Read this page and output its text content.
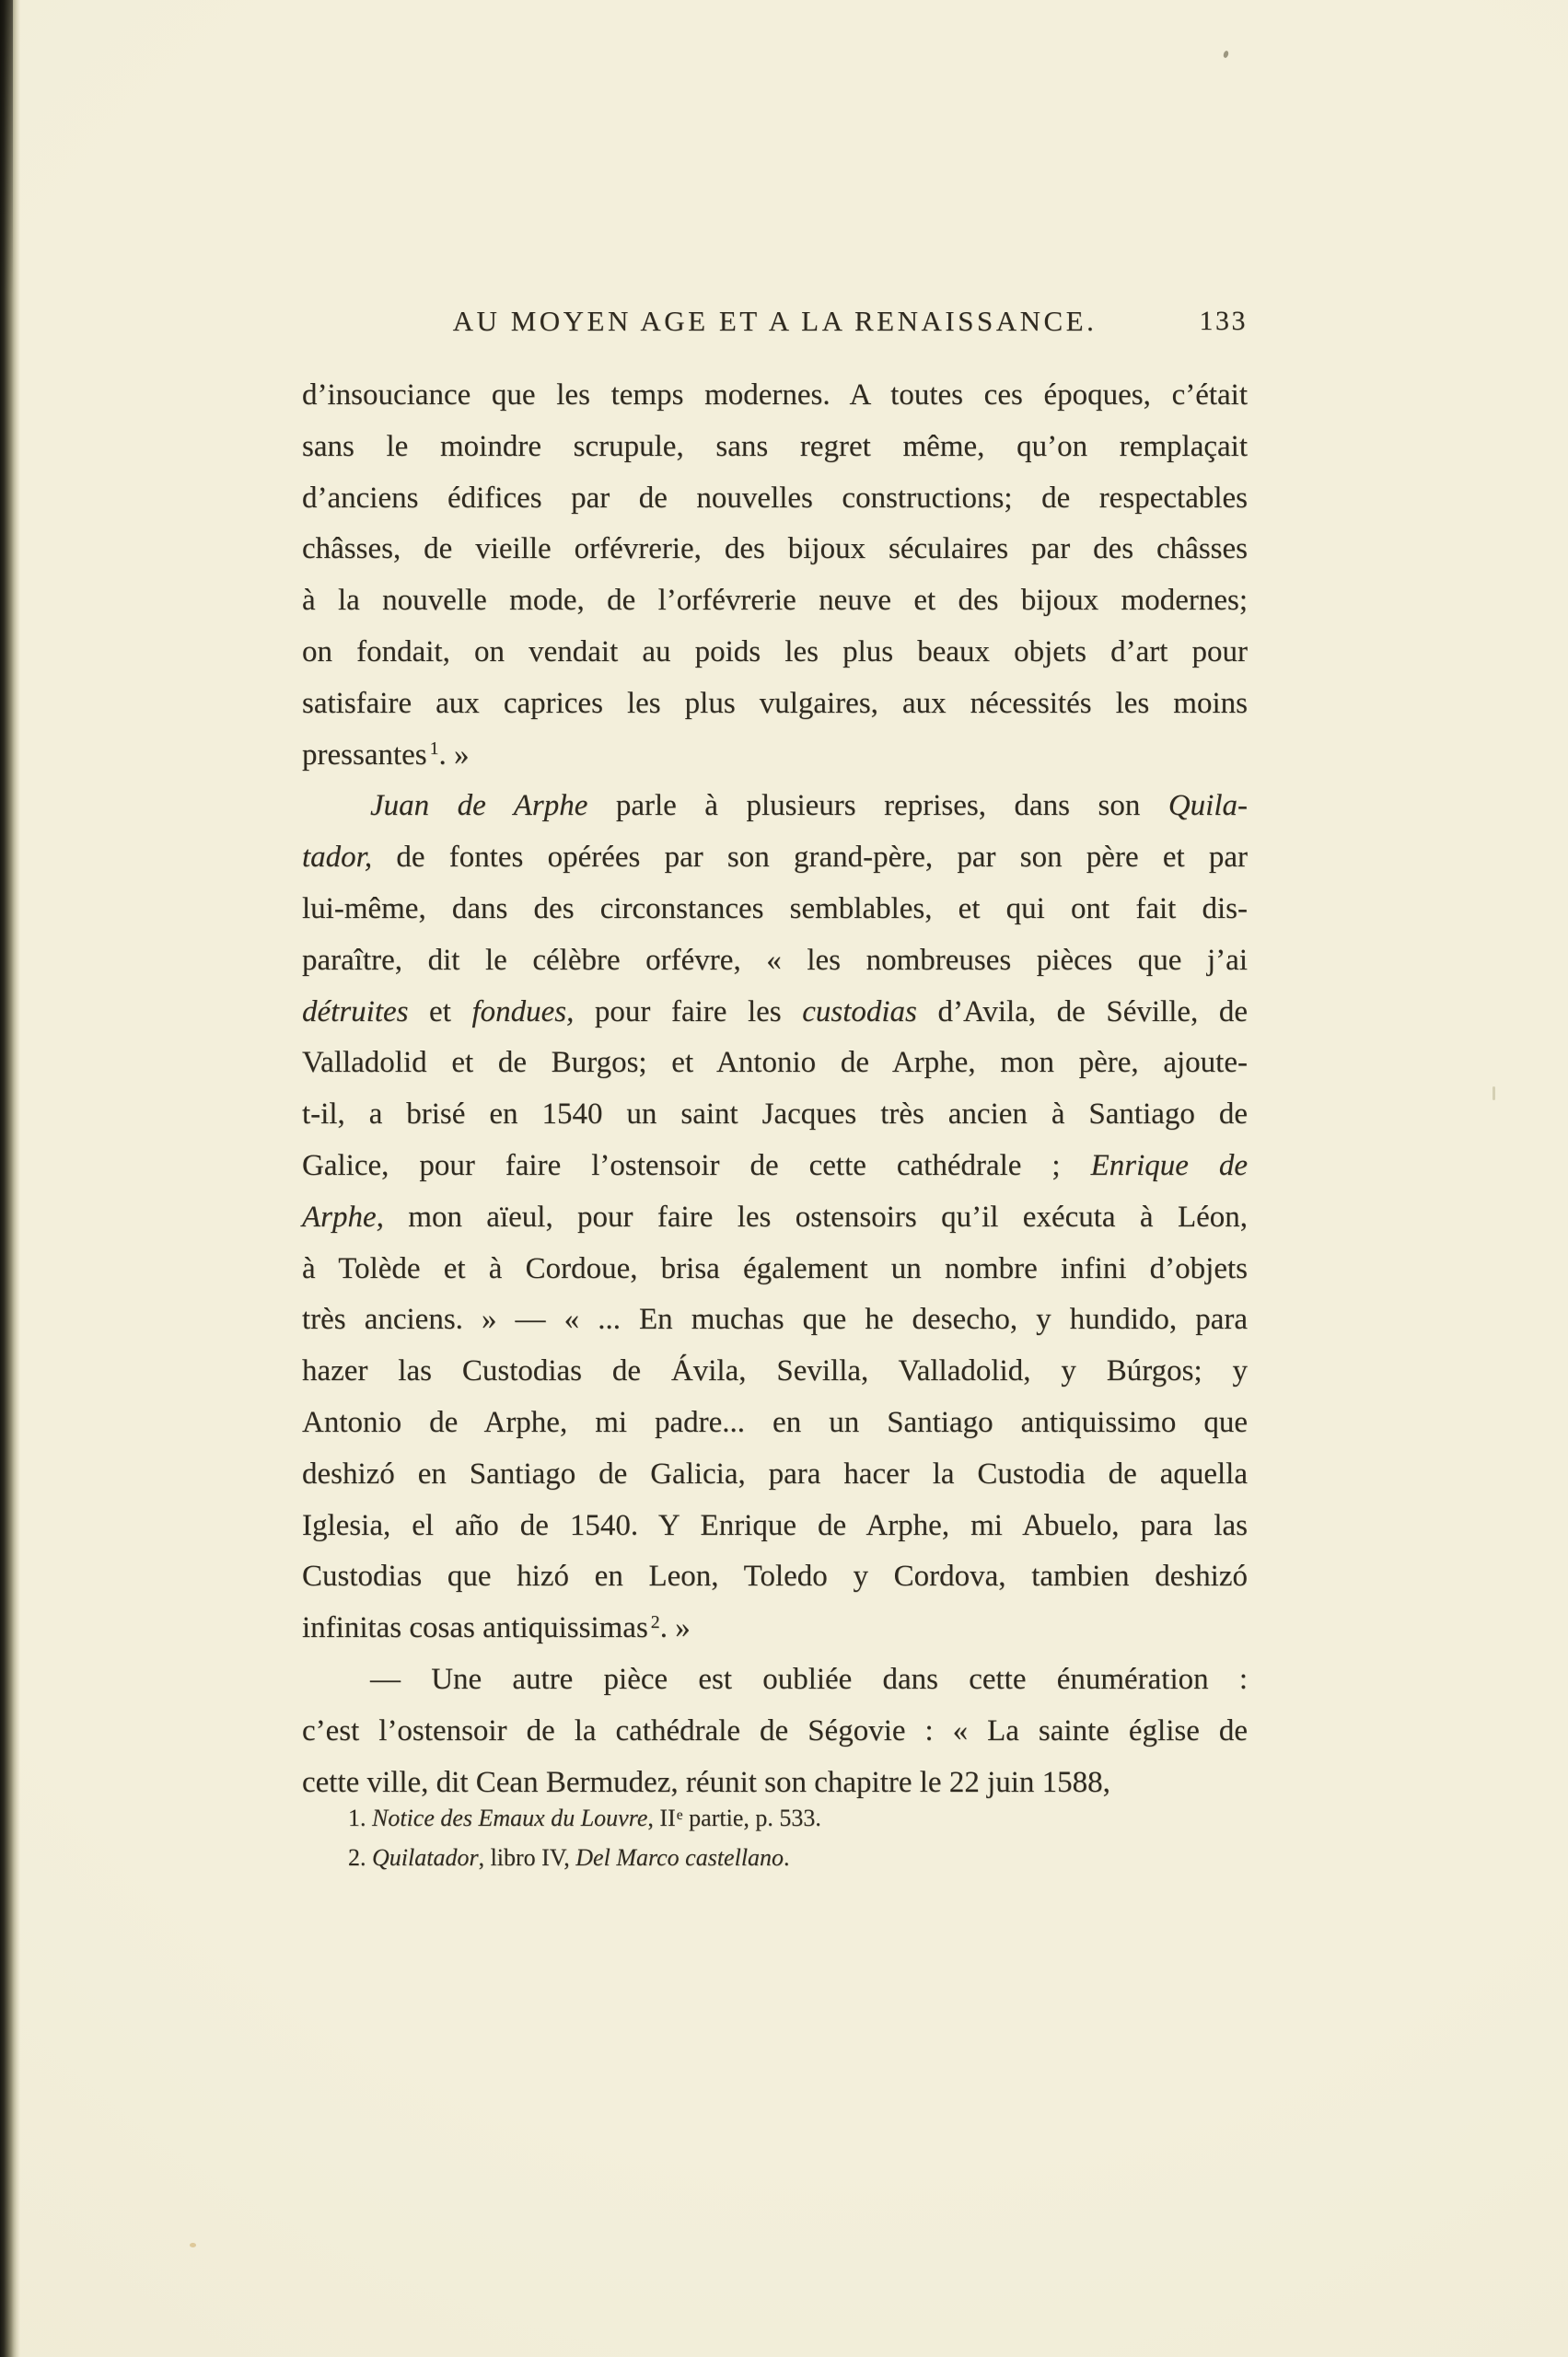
AU MOYEN AGE ET A LA RENAISSANCE.	133
d’insouciance que les temps modernes. A toutes ces époques, c’était
sans le moindre scrupule, sans regret même, qu’on remplaçait
d’anciens édifices par de nouvelles constructions; de respectables
châsses, de vieille orfévrerie, des bijoux séculaires par des châsses
à la nouvelle mode, de l’orfévrerie neuve et des bijoux modernes;
on fondait, on vendait au poids les plus beaux objets d’art pour
satisfaire aux caprices les plus vulgaires, aux nécessités les moins
pressantes $^1$. »
Juan de Arphe parle à plusieurs reprises, dans son Quila-
tador, de fontes opérées par son grand-père, par son père et par
lui-même, dans des circonstances semblables, et qui ont fait dis-
paraître, dit le célèbre orfévre, « les nombreuses pièces que j’ai
détruites et fondues, pour faire les custodias d’Avila, de Séville, de
Valladolid et de Burgos; et Antonio de Arphe, mon père, ajoute-
t-il, a brisé en 1540 un saint Jacques très ancien à Santiago de
Galice, pour faire l’ostensoir de cette cathédrale ; Enrique de
Arphe, mon aïeul, pour faire les ostensoirs qu’il exécuta à Léon,
à Tolède et à Cordoue, brisa également un nombre infini d’objets
très anciens. » — « ... En muchas que he desecho, y hundido, para
hazer las Custodias de Ávila, Sevilla, Valladolid, y Búrgos; y
Antonio de Arphe, mi padre... en un Santiago antiquissimo que
deshizó en Santiago de Galicia, para hacer la Custodia de aquella
Iglesia, el año de 1540. Y Enrique de Arphe, mi Abuelo, para las
Custodias que hizó en Leon, Toledo y Cordova, tambien deshizó
infinitas cosas antiquissimas $^2$. »
— Une autre pièce est oubliée dans cette énumération :
c’est l’ostensoir de la cathédrale de Ségovie : « La sainte église de
cette ville, dit Cean Bermudez, réunit son chapitre le 22 juin 1588,
1. Notice des Emaux du Louvre, IIe partie, p. 533.
2. Quilatador, libro IV, Del Marco castellano.
